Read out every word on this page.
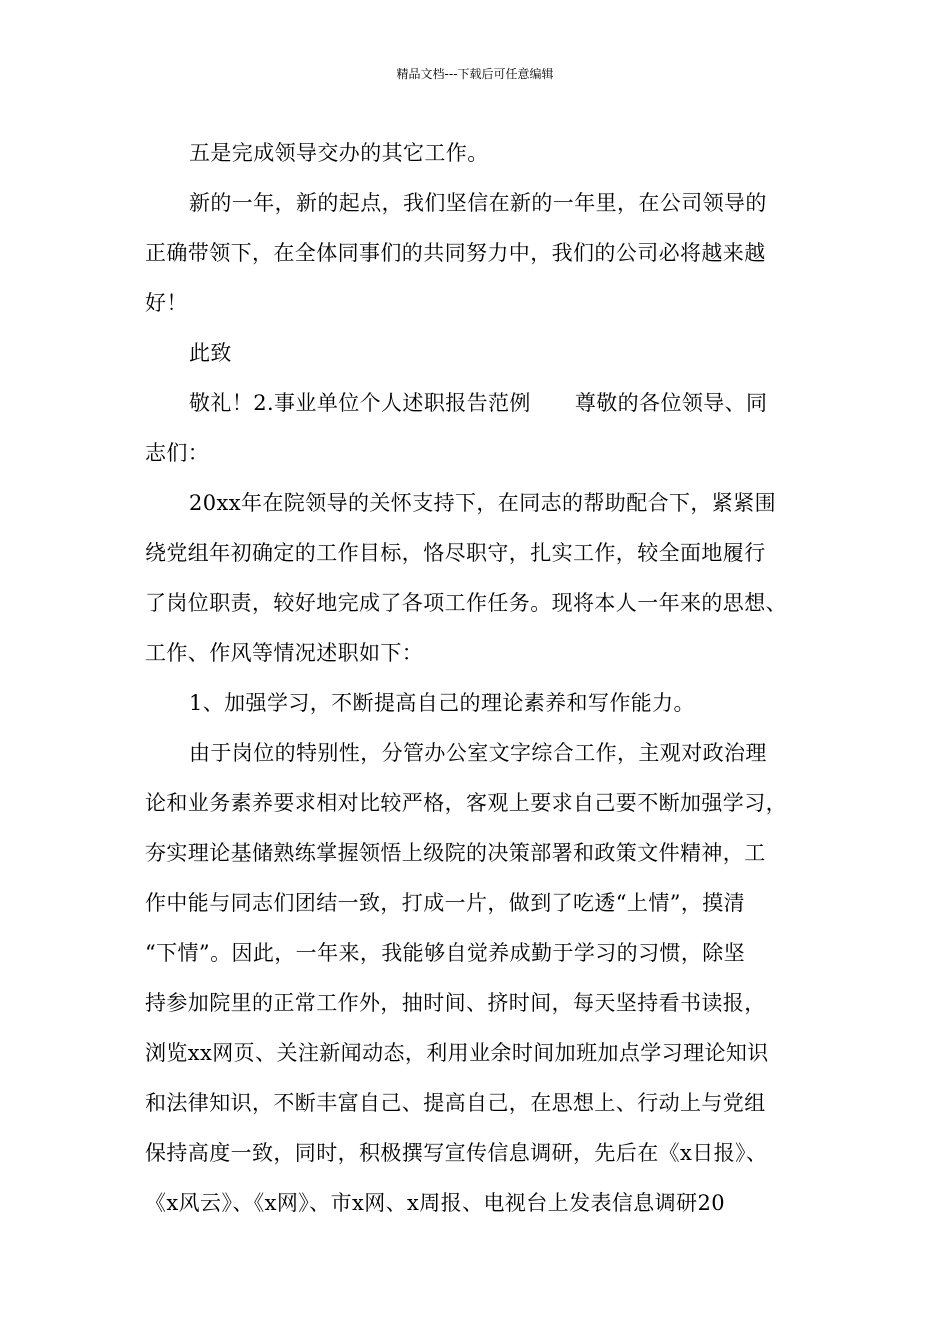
精品文档---下载后可任意编辑
五是完成领导交办的其它工作。
新的一年，新的起点，我们坚信在新的一年里，在公司领导的
正确带领下，在全体同事们的共同努力中，我们的公司必将越来越
好！
此致
敬礼！2.事业单位个人述职报告范例 尊敬的各位领导、同
志们：
20xx年在院领导的关怀支持下，在同志的帮助配合下，紧紧围
绕党组年初确定的工作目标，恪尽职守，扎实工作，较全面地履行
了岗位职责，较好地完成了各项工作任务。现将本人一年来的思想、
工作、作风等情况述职如下：
1、加强学习，不断提高自己的理论素养和写作能力。
由于岗位的特别性，分管办公室文字综合工作，主观对政治理
论和业务素养要求相对比较严格，客观上要求自己要不断加强学习，
夯实理论基储熟练掌握领悟上级院的决策部署和政策文件精神，工
作中能与同志们团结一致，打成一片，做到了吃透“上情”，摸清
“下情”。因此，一年来，我能够自觉养成勤于学习的习惯，除坚
持参加院里的正常工作外，抽时间、挤时间，每天坚持看书读报，
浏览xx网页、关注新闻动态，利用业余时间加班加点学习理论知识
和法律知识，不断丰富自己、提高自己，在思想上、行动上与党组
保持高度一致，同时，积极撰写宣传信息调研，先后在《x日报》、
《x风云》、《x网》、市x网、x周报、电视台上发表信息调研20
